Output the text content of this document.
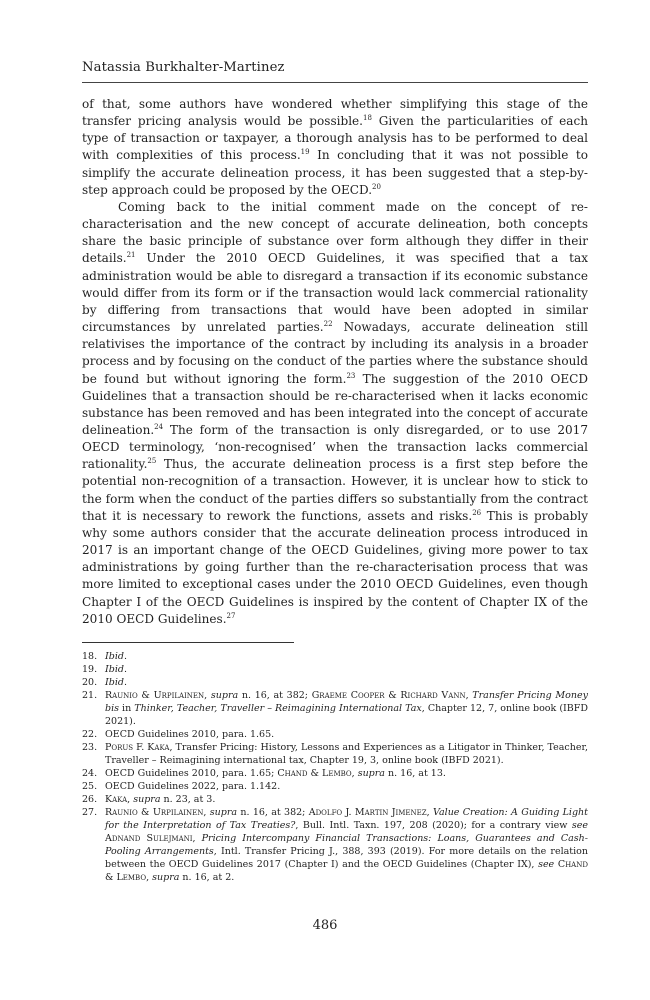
Natassia Burkhalter-Martinez

of that, some authors have wondered whether simplifying this stage of the transfer pricing analysis would be possible.$^{18}$ Given the particularities of each type of transaction or taxpayer, a thorough analysis has to be performed to deal with complexities of this process.$^{19}$ In concluding that it was not possible to simplify the accurate delineation process, it has been suggested that a step-by-step approach could be proposed by the OECD.$^{20}$

Coming back to the initial comment made on the concept of re-characterisation and the new concept of accurate delineation, both concepts share the basic principle of substance over form although they differ in their details.$^{21}$ Under the 2010 OECD Guidelines, it was specified that a tax administration would be able to disregard a transaction if its economic substance would differ from its form or if the transaction would lack commercial rationality by differing from transactions that would have been adopted in similar circumstances by unrelated parties.$^{22}$ Nowadays, accurate delineation still relativises the importance of the contract by including its analysis in a broader process and by focusing on the conduct of the parties where the substance should be found but without ignoring the form.$^{23}$ The suggestion of the 2010 OECD Guidelines that a transaction should be re-characterised when it lacks economic substance has been removed and has been integrated into the concept of accurate delineation.$^{24}$ The form of the transaction is only disregarded, or to use 2017 OECD terminology, ‘non-recognised’ when the transaction lacks commercial rationality.$^{25}$ Thus, the accurate delineation process is a first step before the potential non-recognition of a transaction. However, it is unclear how to stick to the form when the conduct of the parties differs so substantially from the contract that it is necessary to rework the functions, assets and risks.$^{26}$ This is probably why some authors consider that the accurate delineation process introduced in 2017 is an important change of the OECD Guidelines, giving more power to tax administrations by going further than the re-characterisation process that was more limited to exceptional cases under the 2010 OECD Guidelines, even though Chapter I of the OECD Guidelines is inspired by the content of Chapter IX of the 2010 OECD Guidelines.$^{27}$

18. Ibid.
19. Ibid.
20. Ibid.
21. Raunio & Urpilainen, supra n. 16, at 382; Graeme Cooper & Richard Vann, Transfer Pricing Money bis in Thinker, Teacher, Traveller – Reimagining International Tax, Chapter 12, 7, online book (IBFD 2021).
22. OECD Guidelines 2010, para. 1.65.
23. Porus F. Kaka, Transfer Pricing: History, Lessons and Experiences as a Litigator in Thinker, Teacher, Traveller – Reimagining international tax, Chapter 19, 3, online book (IBFD 2021).
24. OECD Guidelines 2010, para. 1.65; Chand & Lembo, supra n. 16, at 13.
25. OECD Guidelines 2022, para. 1.142.
26. Kaka, supra n. 23, at 3.
27. Raunio & Urpilainen, supra n. 16, at 382; Adolfo J. Martin Jimenez, Value Creation: A Guiding Light for the Interpretation of Tax Treaties?, Bull. Intl. Taxn. 197, 208 (2020); for a contrary view see Adnand Sulejmani, Pricing Intercompany Financial Transactions: Loans, Guarantees and Cash-Pooling Arrangements, Intl. Transfer Pricing J., 388, 393 (2019). For more details on the relation between the OECD Guidelines 2017 (Chapter I) and the OECD Guidelines (Chapter IX), see Chand & Lembo, supra n. 16, at 2.
486
